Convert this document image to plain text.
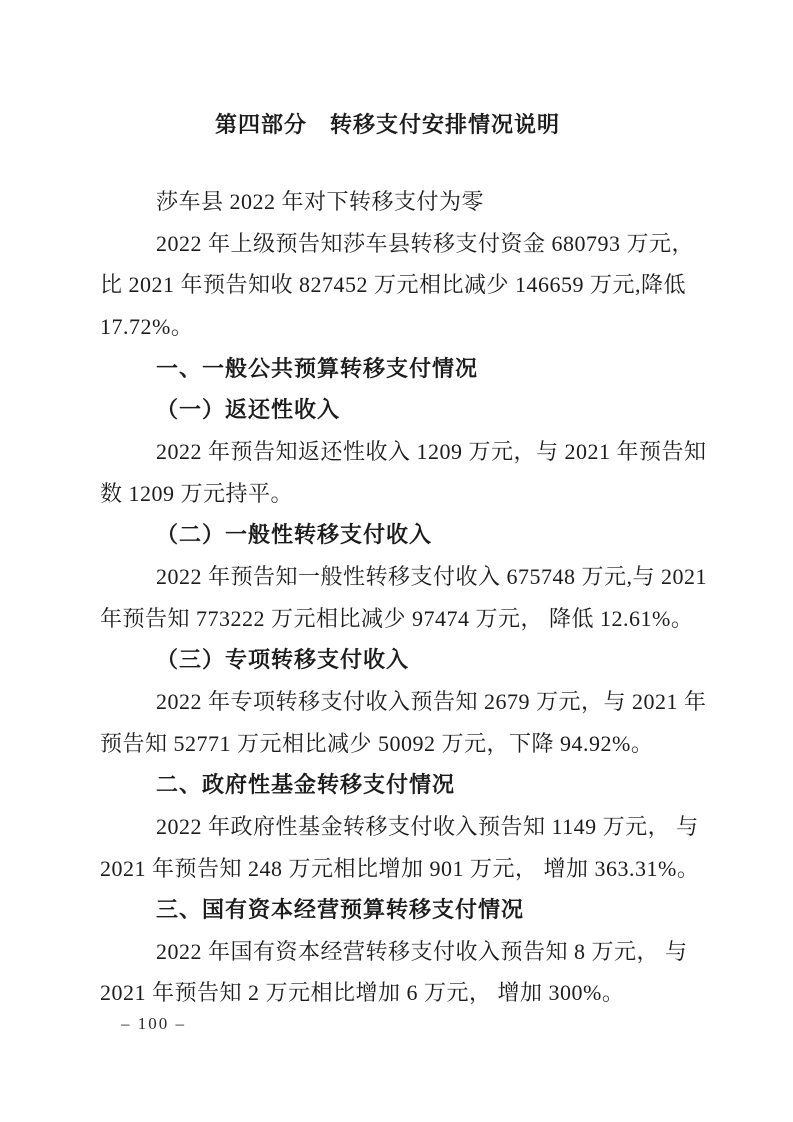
第四部分　转移支付安排情况说明
莎车县 2022 年对下转移支付为零
2022 年上级预告知莎车县转移支付资金 680793 万元，
比 2021 年预告知收 827452 万元相比减少 146659 万元,降低
17.72%。
一、一般公共预算转移支付情况
（一）返还性收入
2022 年预告知返还性收入 1209 万元，与 2021 年预告知
数 1209 万元持平。
（二）一般性转移支付收入
2022 年预告知一般性转移支付收入 675748 万元,与 2021
年预告知 773222 万元相比减少 97474 万元， 降低 12.61%。
（三）专项转移支付收入
2022 年专项转移支付收入预告知 2679 万元，与 2021 年
预告知 52771 万元相比减少 50092 万元，下降 94.92%。
二、政府性基金转移支付情况
2022 年政府性基金转移支付收入预告知 1149 万元， 与
2021 年预告知 248 万元相比增加 901 万元， 增加 363.31%。
三、国有资本经营预算转移支付情况
2022 年国有资本经营转移支付收入预告知 8 万元， 与
2021 年预告知 2 万元相比增加 6 万元， 增加 300%。
– 100 –
